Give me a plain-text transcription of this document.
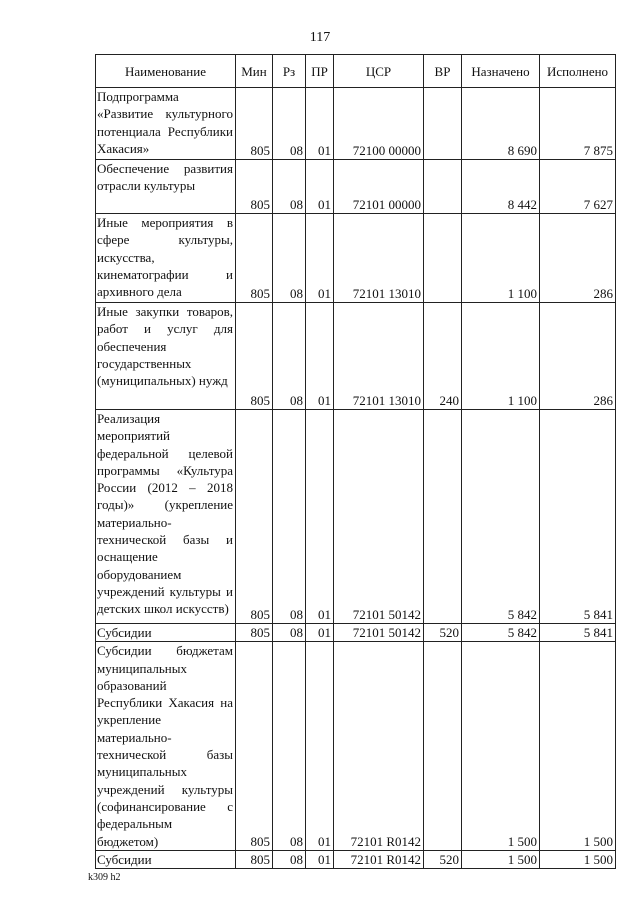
117
Наименование	Мин	Рз	ПР	ЦСР	ВР	Назначено	Исполнено
Подпрограмма «Развитие культурного потенциала Республики Хакасия»	805	08	01	72100 00000		8 690	7 875
Обеспечение развития отрасли культуры	805	08	01	72101 00000		8 442	7 627
Иные мероприятия в сфере культуры, искусства, кинематографии и архивного дела	805	08	01	72101 13010		1 100	286
Иные закупки товаров, работ и услуг для обеспечения государственных (муниципальных) нужд	805	08	01	72101 13010	240	1 100	286
Реализация мероприятий федеральной целевой программы «Культура России (2012 – 2018 годы)» (укрепление материально-технической базы и оснащение оборудованием учреждений культуры и детских школ искусств)	805	08	01	72101 50142		5 842	5 841
Субсидии	805	08	01	72101 50142	520	5 842	5 841
Субсидии бюджетам муниципальных образований Республики Хакасия на укрепление материально-технической базы муниципальных учреждений культуры (софинансирование с федеральным бюджетом)	805	08	01	72101 R0142		1 500	1 500
Субсидии	805	08	01	72101 R0142	520	1 500	1 500
k309 h2
